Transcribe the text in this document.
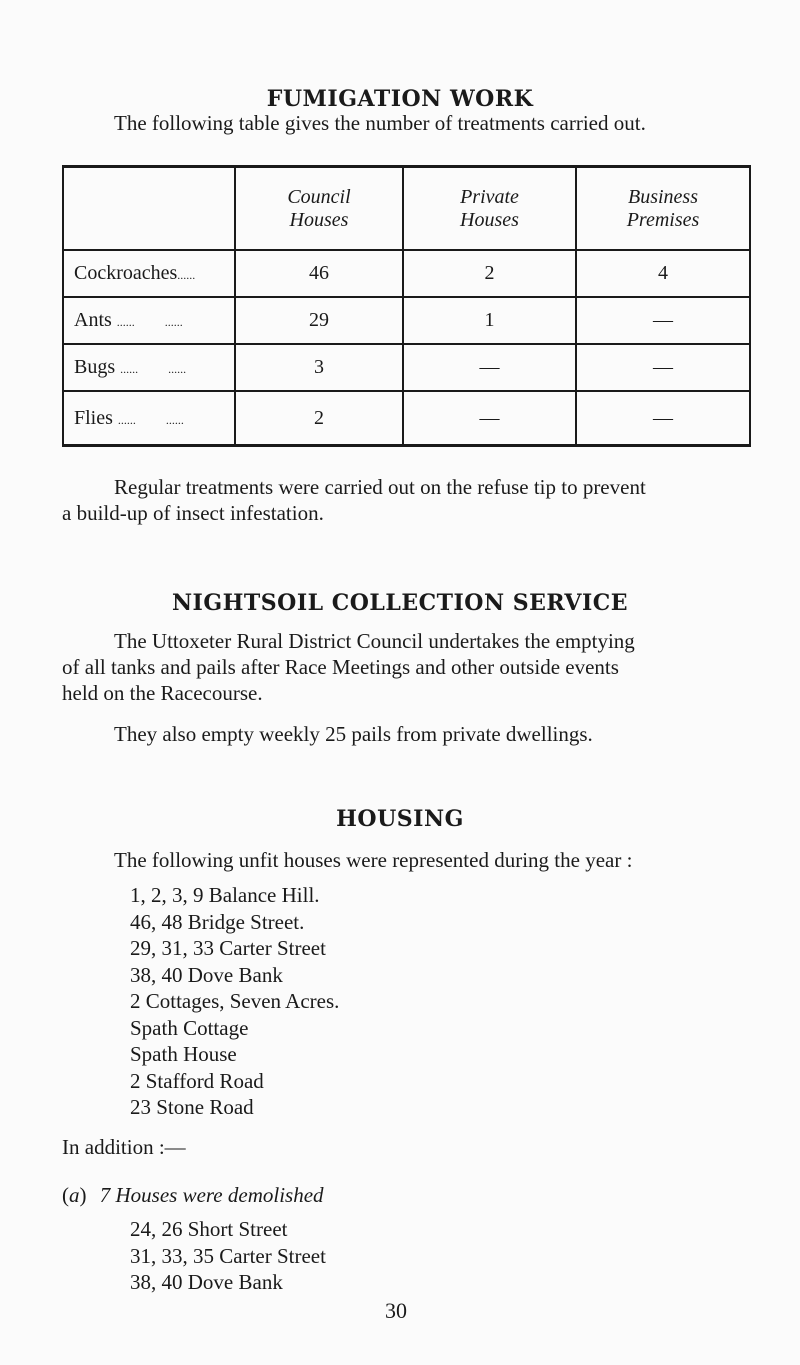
FUMIGATION WORK
The following table gives the number of treatments carried out.

	Council Houses	Private Houses	Business Premises

Cockroaches......	46	2	4
Ants ......          ......	29	1	—
Bugs ......          ......	3	—	—
Flies ......          ......	2	—	—
Regular treatments were carried out on the refuse tip to prevent
a build-up of insect infestation.
NIGHTSOIL COLLECTION SERVICE
The Uttoxeter Rural District Council undertakes the emptying
of all tanks and pails after Race Meetings and other outside events
held on the Racecourse.
They also empty weekly 25 pails from private dwellings.
HOUSING
The following unfit houses were represented during the year :
1, 2, 3, 9 Balance Hill.
46, 48 Bridge Street.
29, 31, 33 Carter Street
38, 40 Dove Bank
2 Cottages, Seven Acres.
Spath Cottage
Spath House
2 Stafford Road
23 Stone Road
In addition :—
(a) 7 Houses were demolished
24, 26 Short Street
31, 33, 35 Carter Street
38, 40 Dove Bank
30
